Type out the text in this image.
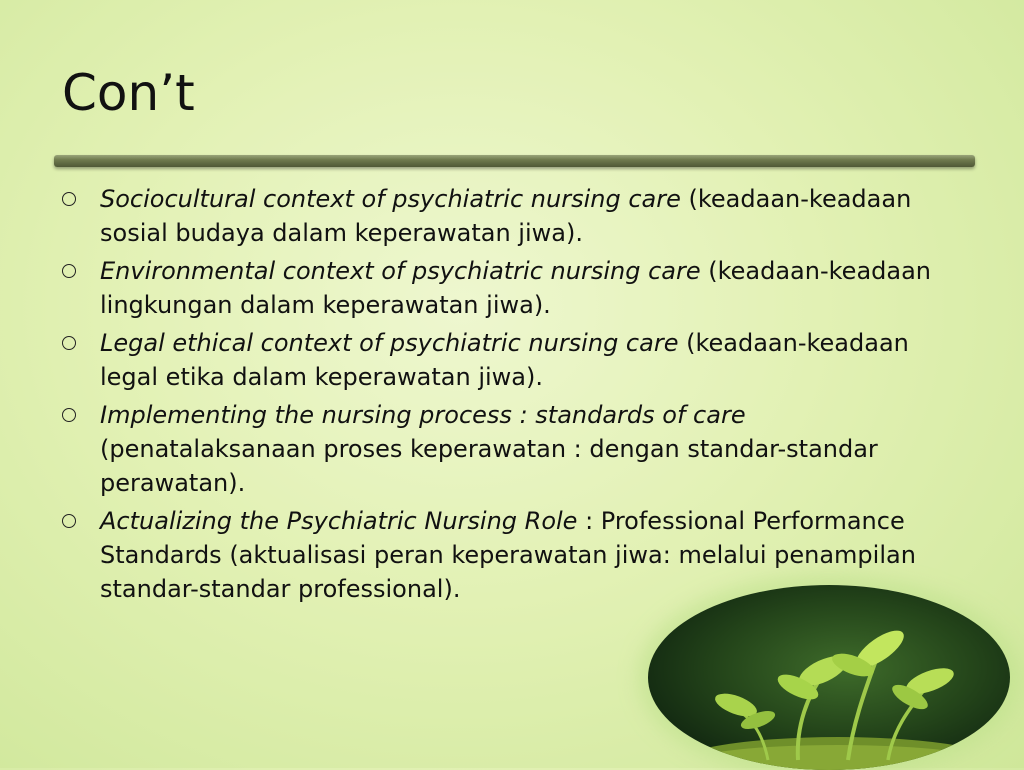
Con’t
Sociocultural context of psychiatric nursing care (keadaan-keadaan sosial budaya dalam keperawatan jiwa).
Environmental context of psychiatric nursing care (keadaan-keadaan lingkungan dalam keperawatan jiwa).
Legal ethical context of psychiatric nursing care (keadaan-keadaan legal etika dalam keperawatan jiwa).
Implementing the nursing process : standards of care (penatalaksanaan proses keperawatan : dengan standar-standar perawatan).
Actualizing the Psychiatric Nursing Role : Professional Performance Standards (aktualisasi peran keperawatan jiwa: melalui penampilan standar-standar professional).
